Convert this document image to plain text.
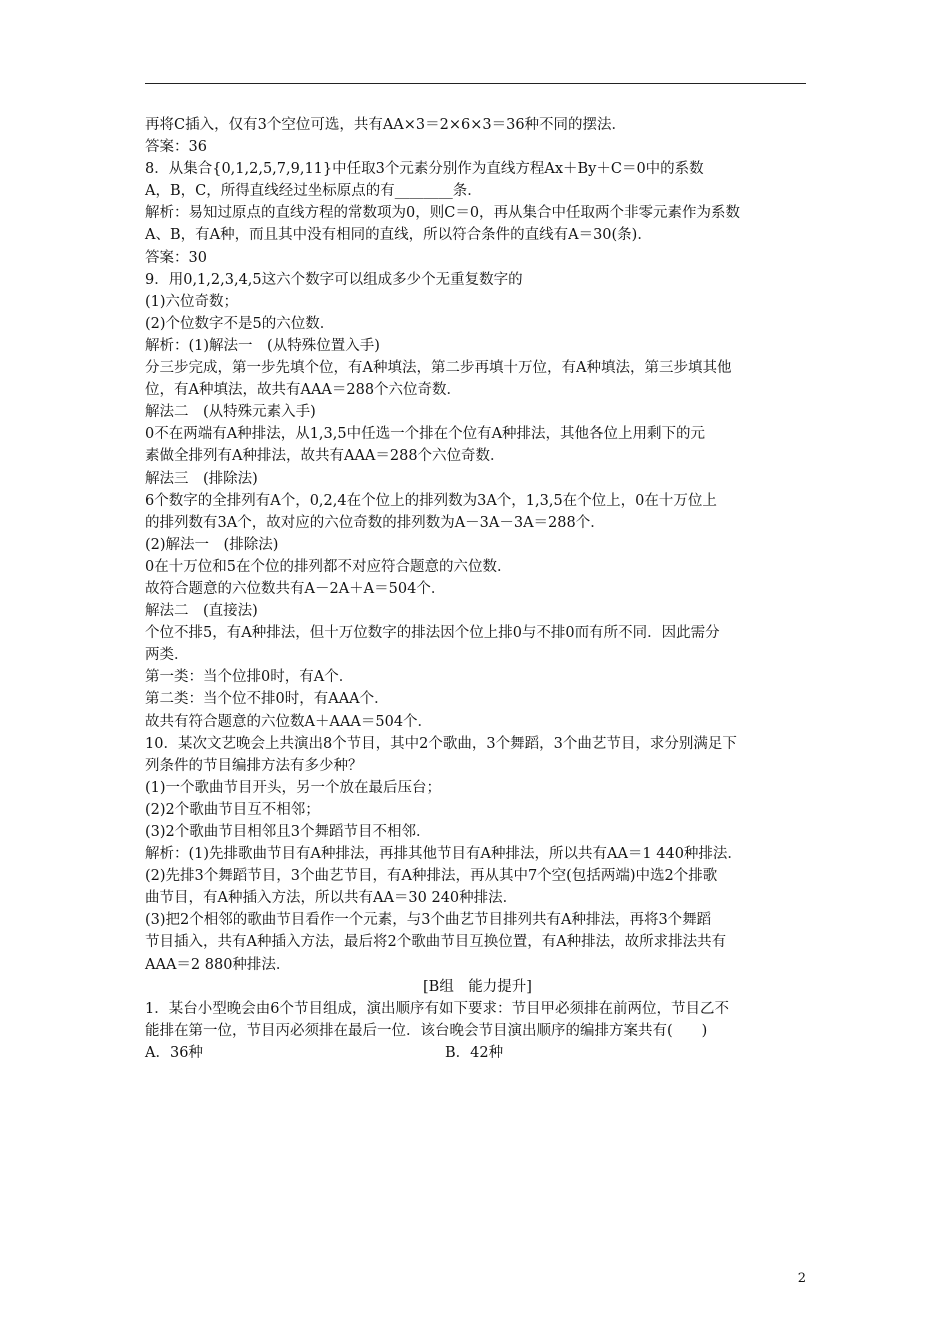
再将C插入，仅有3个空位可选，共有AA×3＝2×6×3＝36种不同的摆法．
答案：36
8．从集合{0,1,2,5,7,9,11}中任取3个元素分别作为直线方程Ax＋By＋C＝0中的系数
A，B，C，所得直线经过坐标原点的有________条．
解析：易知过原点的直线方程的常数项为0，则C＝0，再从集合中任取两个非零元素作为系数
A、B，有A种，而且其中没有相同的直线，所以符合条件的直线有A＝30(条)．
答案：30
9．用0,1,2,3,4,5这六个数字可以组成多少个无重复数字的
(1)六位奇数；
(2)个位数字不是5的六位数．
解析：(1)解法一　(从特殊位置入手)
分三步完成，第一步先填个位，有A种填法，第二步再填十万位，有A种填法，第三步填其他
位，有A种填法，故共有AAA＝288个六位奇数．
解法二　(从特殊元素入手)
0不在两端有A种排法，从1,3,5中任选一个排在个位有A种排法，其他各位上用剩下的元
素做全排列有A种排法，故共有AAA＝288个六位奇数．
解法三　(排除法)
6个数字的全排列有A个，0,2,4在个位上的排列数为3A个，1,3,5在个位上，0在十万位上
的排列数有3A个，故对应的六位奇数的排列数为A－3A－3A＝288个．
(2)解法一　(排除法)
0在十万位和5在个位的排列都不对应符合题意的六位数．
故符合题意的六位数共有A－2A＋A＝504个．
解法二　(直接法)
个位不排5，有A种排法，但十万位数字的排法因个位上排0与不排0而有所不同．因此需分
两类．
第一类：当个位排0时，有A个．
第二类：当个位不排0时，有AAA个．
故共有符合题意的六位数A＋AAA＝504个．
10．某次文艺晚会上共演出8个节目，其中2个歌曲，3个舞蹈，3个曲艺节目，求分别满足下
列条件的节目编排方法有多少种？
(1)一个歌曲节目开头，另一个放在最后压台；
(2)2个歌曲节目互不相邻；
(3)2个歌曲节目相邻且3个舞蹈节目不相邻．
解析：(1)先排歌曲节目有A种排法，再排其他节目有A种排法，所以共有AA＝1 440种排法．
(2)先排3个舞蹈节目，3个曲艺节目，有A种排法，再从其中7个空(包括两端)中选2个排歌
曲节目，有A种插入方法，所以共有AA＝30 240种排法．
(3)把2个相邻的歌曲节目看作一个元素，与3个曲艺节目排列共有A种排法，再将3个舞蹈
节目插入，共有A种插入方法，最后将2个歌曲节目互换位置，有A种排法，故所求排法共有
AAA＝2 880种排法．
[B组　能力提升]
1．某台小型晚会由6个节目组成，演出顺序有如下要求：节目甲必须排在前两位，节目乙不
能排在第一位，节目丙必须排在最后一位．该台晚会节目演出顺序的编排方案共有(　　)
A．36种	B．42种
2
